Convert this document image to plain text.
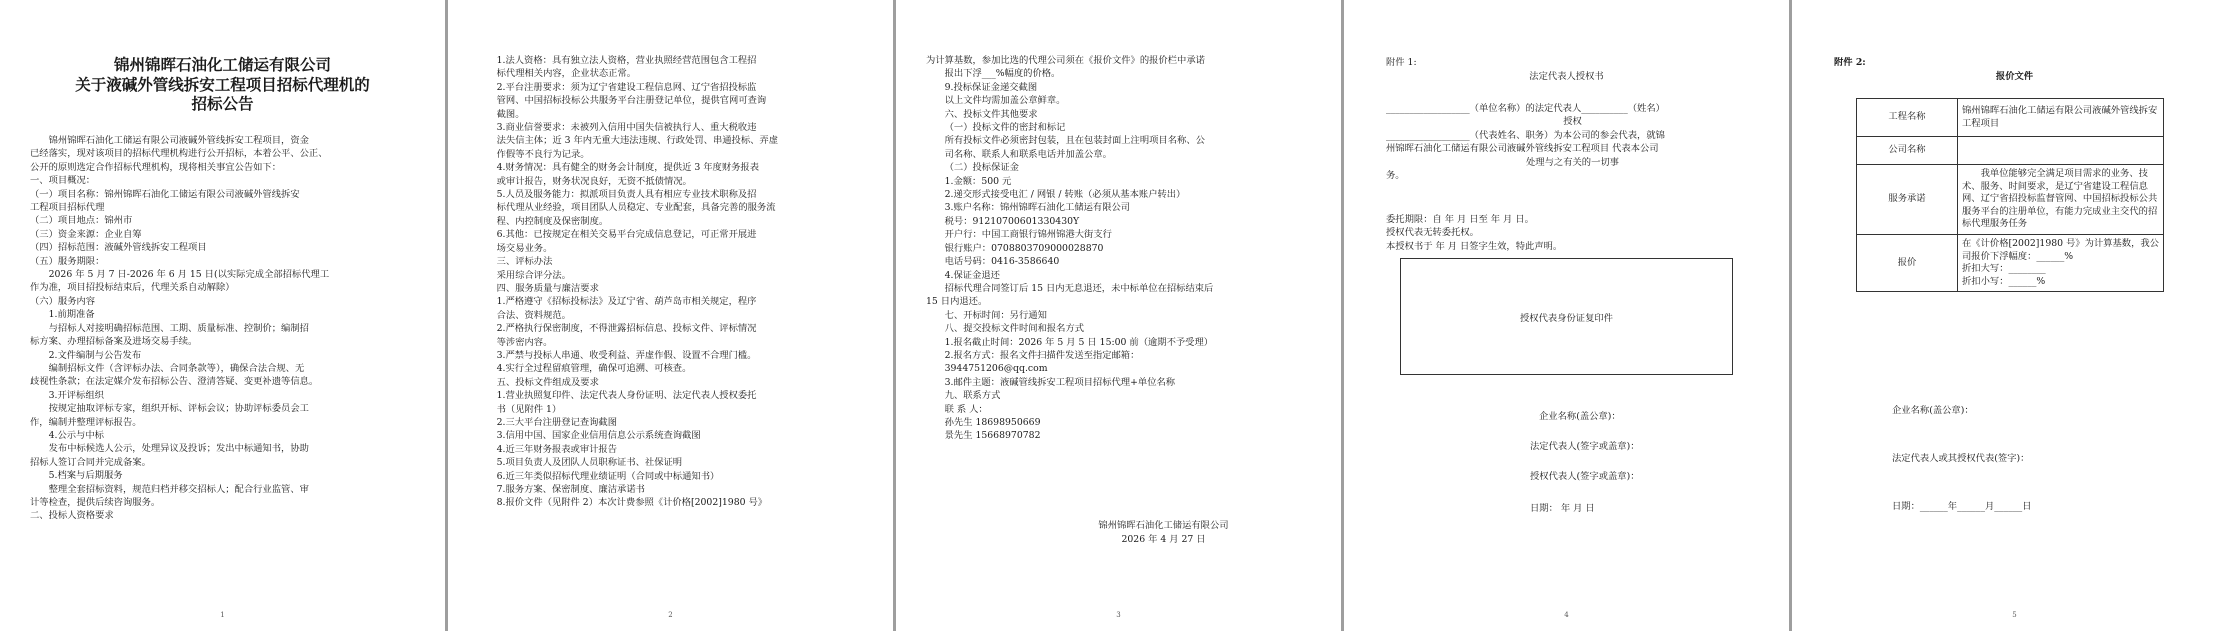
锦州锦晖石油化工储运有限公司
关于液碱外管线拆安工程项目招标代理机的
招标公告
锦州锦晖石油化工储运有限公司液碱外管线拆安工程项目，资金
已经落实，现对该项目的招标代理机构进行公开招标，本着公平、公正、
公开的原则选定合作招标代理机构，现将相关事宜公告如下：
一、项目概况：
（一）项目名称：锦州锦晖石油化工储运有限公司液碱外管线拆安
工程项目招标代理
（二）项目地点：锦州市
（三）资金来源：企业自筹
（四）招标范围：液碱外管线拆安工程项目
（五）服务期限：
2026 年 5 月 7 日-2026 年 6 月 15 日(以实际完成全部招标代理工
作为准，项目招投标结束后，代理关系自动解除）
（六）服务内容
1.前期准备
与招标人对接明确招标范围、工期、质量标准、控制价；编制招
标方案、办理招标备案及进场交易手续。
2.文件编制与公告发布
编制招标文件（含评标办法、合同条款等），确保合法合规、无
歧视性条款；在法定媒介发布招标公告、澄清答疑、变更补遗等信息。
3.开评标组织
按规定抽取评标专家，组织开标、评标会议；协助评标委员会工
作，编制并整理评标报告。
4.公示与中标
发布中标候选人公示，处理异议及投诉；发出中标通知书，协助
招标人签订合同并完成备案。
5.档案与后期服务
整理全套招标资料，规范归档并移交招标人；配合行业监管、审
计等检查，提供后续咨询服务。
二、投标人资格要求
1
1.法人资格：具有独立法人资格，营业执照经营范围包含工程招
标代理相关内容，企业状态正常。
2.平台注册要求：须为辽宁省建设工程信息网、辽宁省招投标监
管网、中国招标投标公共服务平台注册登记单位，提供官网可查询
截图。
3.商业信誉要求：未被列入信用中国失信被执行人、重大税收违
法失信主体；近 3 年内无重大违法违规、行政处罚、串通投标、弄虚
作假等不良行为记录。
4.财务情况：具有健全的财务会计制度，提供近 3 年度财务报表
或审计报告，财务状况良好，无资不抵债情况。
5.人员及服务能力：拟派项目负责人具有相应专业技术职称及招
标代理从业经验，项目团队人员稳定、专业配套，具备完善的服务流
程、内控制度及保密制度。
6.其他：已按规定在相关交易平台完成信息登记，可正常开展进
场交易业务。
三、评标办法
采用综合评分法。
四、服务质量与廉洁要求
1.严格遵守《招标投标法》及辽宁省、葫芦岛市相关规定，程序
合法、资料规范。
2.严格执行保密制度，不得泄露招标信息、投标文件、评标情况
等涉密内容。
3.严禁与投标人串通、收受利益、弄虚作假、设置不合理门槛。
4.实行全过程留痕管理，确保可追溯、可核查。
五、投标文件组成及要求
1.营业执照复印件、法定代表人身份证明、法定代表人授权委托
书（见附件 1）
2.三大平台注册登记查询截图
3.信用中国、国家企业信用信息公示系统查询截图
4.近三年财务报表或审计报告
5.项目负责人及团队人员职称证书、社保证明
6.近三年类似招标代理业绩证明（合同或中标通知书）
7.服务方案、保密制度、廉洁承诺书
8.报价文件（见附件 2）本次计费参照《计价格[2002]1980 号》
2
为计算基数，参加比选的代理公司须在《报价文件》的报价栏中承诺
报出下浮___%幅度的价格。
9.投标保证金递交截图
以上文件均需加盖公章鲜章。
六、投标文件其他要求
（一）投标文件的密封和标记
所有投标文件必须密封包装，且在包装封面上注明项目名称、公
司名称、联系人和联系电话并加盖公章。
（二）投标保证金
1.金额：500 元
2.递交形式接受电汇 / 网银 / 转账（必须从基本账户转出）
3.账户名称：锦州锦晖石油化工储运有限公司
税号：91210700601330430Y
开户行：中国工商银行锦州锦港大街支行
银行账户：0708803709000028870
电话号码：0416-3586640
4.保证金退还
招标代理合同签订后 15 日内无息退还，未中标单位在招标结束后
15 日内退还。
七、开标时间：另行通知
八、提交投标文件时间和报名方式
1.报名截止时间：2026 年 5 月 5 日 15:00 前（逾期不予受理）
2.报名方式：报名文件扫描件发送至指定邮箱：
3944751206@qq.com
3.邮件主题：液碱管线拆安工程项目招标代理+单位名称
九、联系方式
联 系 人：
孙先生 18698950669
景先生 15668970782
锦州锦晖石油化工储运有限公司
2026 年 4 月 27 日
3
附件 1:
法定代表人授权书
__________________（单位名称）的法定代表人__________（姓名）
授权
__________________（代表姓名、职务）为本公司的参会代表，就锦
州锦晖石油化工储运有限公司液碱外管线拆安工程项目 代表本公司
处理与之有关的一切事
务。
委托期限：自 年 月 日至 年 月 日。
授权代表无转委托权。
本授权书于 年 月 日签字生效，特此声明。
授权代表身份证复印件
企业名称(盖公章)：
法定代表人(签字或盖章)：
授权代表人(签字或盖章)：
日期： 年 月 日
4
附件 2:
报价文件
工程名称	锦州锦晖石油化工储运有限公司液碱外管线拆安工程项目
公司名称	
服务承诺	我单位能够完全满足项目需求的业务、技术、服务、时间要求，是辽宁省建设工程信息网、辽宁省招投标监督管网、中国招标投标公共服务平台的注册单位，有能力完成业主交代的招标代理服务任务
报价	在《计价格[2002]1980 号》为计算基数，我公司报价下浮幅度：______%
折扣大写：________
折扣小写：______%
企业名称(盖公章)：
法定代表人或其授权代表(签字)：
日期：______年______月______日
5
